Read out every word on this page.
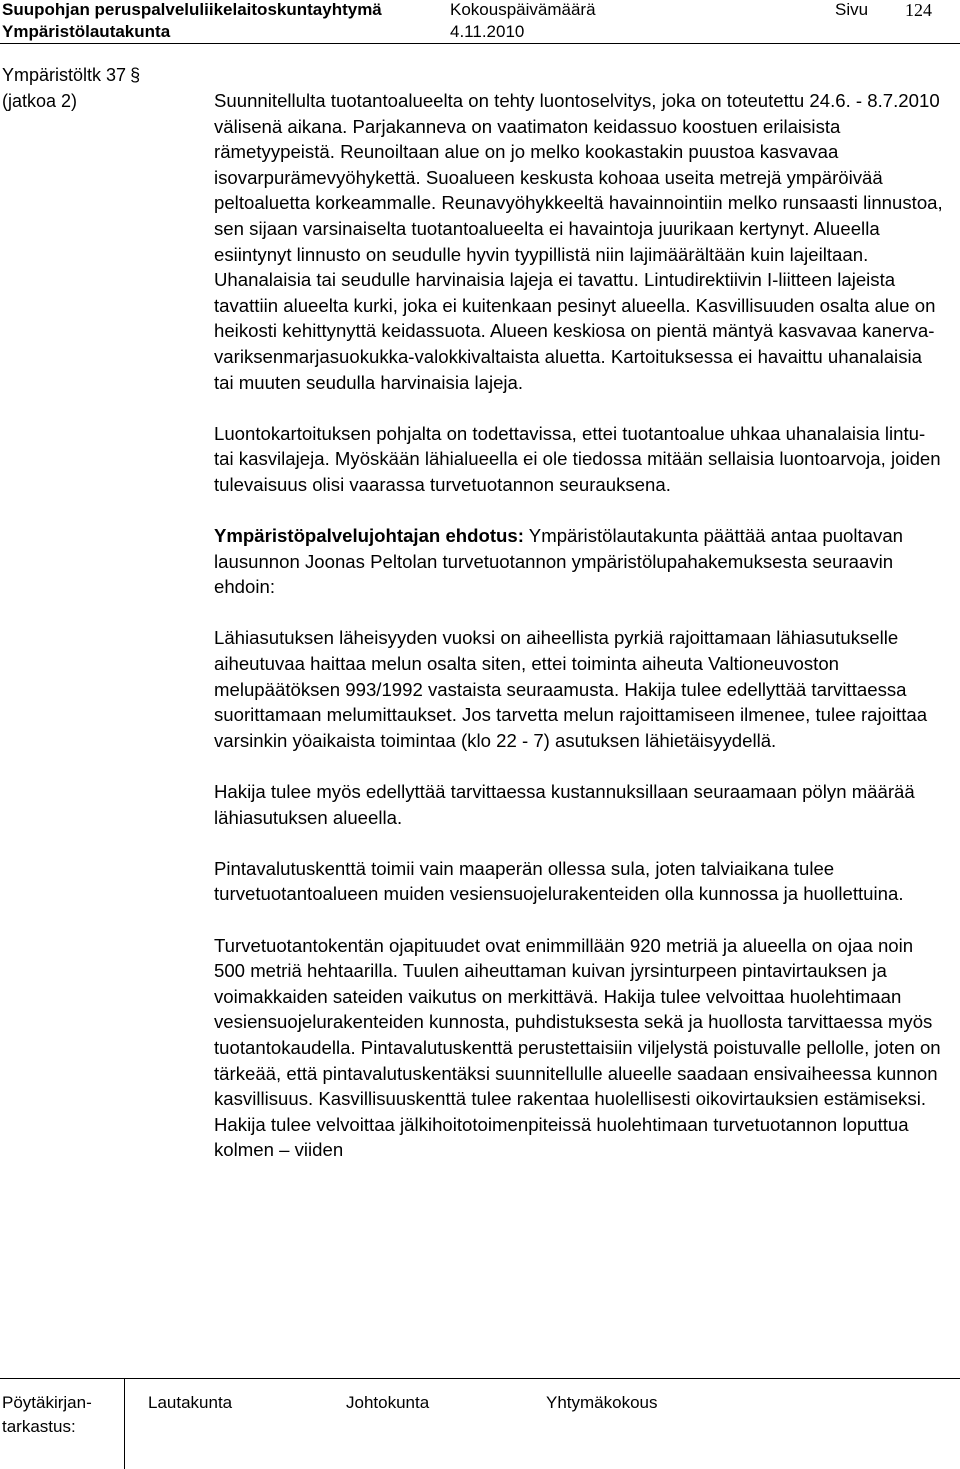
Suupohjan peruspalveluliikelaitoskuntayhtymä
Ympäristölautakunta
Kokouspäivämäärä
4.11.2010
Sivu 124
Ympäristöltk 37 §
(jatkoa 2)	Suunnitellulta tuotantoalueelta on tehty luontoselvitys, joka on toteutettu 24.6. - 8.7.2010 välisenä aikana. Parjakanneva on vaatimaton keidassuo koostuen erilaisista rämetyypeistä. Reunoiltaan alue on jo melko kookastakin puustoa kasvavaa isovarpurämevyöhykettä. Suoalueen keskusta kohoaa useita metrejä ympäröivää peltoaluetta korkeammalle. Reunavyöhykkeeltä havainnointiin melko runsaasti linnustoa, sen sijaan varsinaiselta tuotantoalueelta ei havaintoja juurikaan kertynyt. Alueella esiintynyt linnusto on seudulle hyvin tyypillistä niin lajimäärältään kuin lajeiltaan. Uhanalaisia tai seudulle harvinaisia lajeja ei tavattu. Lintudirektiivin I-liitteen lajeista tavattiin alueelta kurki, joka ei kuitenkaan pesinyt alueella. Kasvillisuuden osalta alue on heikosti kehittynyttä keidassuota. Alueen keskiosa on pientä mäntyä kasvavaa kanerva-variksenmarjasuokukka-valokkivaltaista aluetta. Kartoituksessa ei havaittu uhanalaisia tai muuten seudulla harvinaisia lajeja.

Luontokartoituksen pohjalta on todettavissa, ettei tuotantoalue uhkaa uhanalaisia lintu- tai kasvilajeja. Myöskään lähialueella ei ole tiedossa mitään sellaisia luontoarvoja, joiden tulevaisuus olisi vaarassa turvetuotannon seurauksena.

Ympäristöpalvelujohtajan ehdotus: Ympäristölautakunta päättää antaa puoltavan lausunnon Joonas Peltolan turvetuotannon ympäristölupahakemuksesta seuraavin ehdoin:

Lähiasutuksen läheisyyden vuoksi on aiheellista pyrkiä rajoittamaan lähiasutukselle aiheutuvaa haittaa melun osalta siten, ettei toiminta aiheuta Valtioneuvoston melupäätöksen 993/1992 vastaista seuraamusta. Hakija tulee edellyttää tarvittaessa suorittamaan melumittaukset. Jos tarvetta melun rajoittamiseen ilmenee, tulee rajoittaa varsinkin yöaikaista toimintaa (klo 22 - 7) asutuksen lähietäisyydellä.

Hakija tulee myös edellyttää tarvittaessa kustannuksillaan seuraamaan pölyn määrää lähiasutuksen alueella.

Pintavalutuskenttä toimii vain maaperän ollessa sula, joten talviaikana tulee turvetuotantoalueen muiden vesiensuojelurakenteiden olla kunnossa ja huollettuina.

Turvetuotantokentän ojapituudet ovat enimmillään 920 metriä ja alueella on ojaa noin 500 metriä hehtaarilla. Tuulen aiheuttaman kuivan jyrsinturpeen pintavirtauksen ja voimakkaiden sateiden vaikutus on merkittävä. Hakija tulee velvoittaa huolehtimaan vesiensuojelurakenteiden kunnosta, puhdistuksesta sekä ja huollosta tarvittaessa myös tuotantokaudella. Pintavalutuskenttä perustettaisiin viljelystä poistuvalle pellolle, joten on tärkeää, että pintavalutuskentäksi suunnitellulle alueelle saadaan ensivaiheessa kunnon kasvillisuus. Kasvillisuuskenttä tulee rakentaa huolellisesti oikovirtauksien estämiseksi. Hakija tulee velvoittaa jälkihoitotoimenpiteissä huolehtimaan turvetuotannon loputtua kolmen – viiden

Pöytäkirjan-
tarkastus:
Lautakunta	Johtokunta	Yhtymäkokous
